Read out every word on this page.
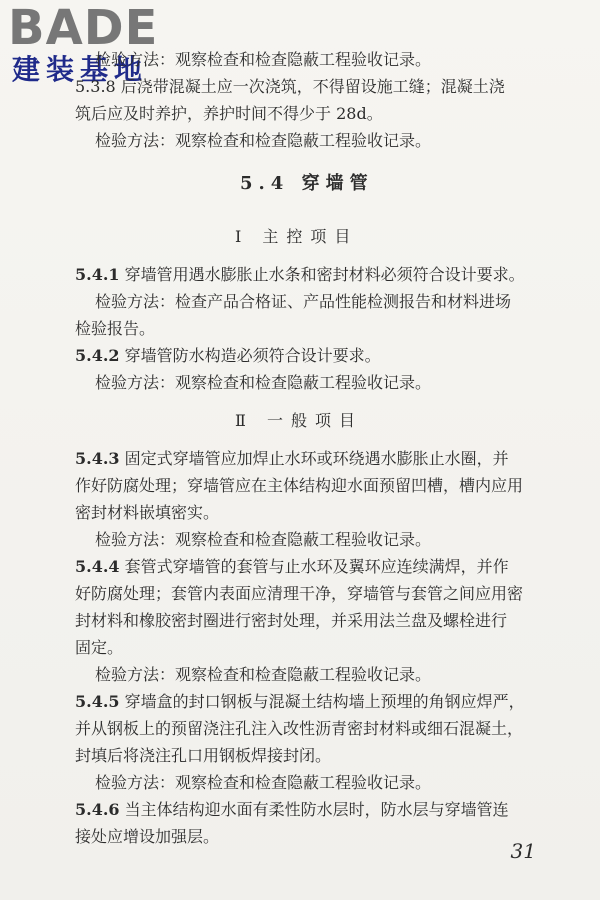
BADE
建装基地
检验方法：观察检查和检查隐蔽工程验收记录。
5.3.8 后浇带混凝土应一次浇筑，不得留设施工缝；混凝土浇
筑后应及时养护，养护时间不得少于 28d。
检验方法：观察检查和检查隐蔽工程验收记录。
5.4 穿墙管
Ⅰ 主控项目
5.4.1 穿墙管用遇水膨胀止水条和密封材料必须符合设计要求。
检验方法：检查产品合格证、产品性能检测报告和材料进场
检验报告。
5.4.2 穿墙管防水构造必须符合设计要求。
检验方法：观察检查和检查隐蔽工程验收记录。
Ⅱ 一般项目
5.4.3 固定式穿墙管应加焊止水环或环绕遇水膨胀止水圈，并
作好防腐处理；穿墙管应在主体结构迎水面预留凹槽，槽内应用
密封材料嵌填密实。
检验方法：观察检查和检查隐蔽工程验收记录。
5.4.4 套管式穿墙管的套管与止水环及翼环应连续满焊，并作
好防腐处理；套管内表面应清理干净，穿墙管与套管之间应用密
封材料和橡胶密封圈进行密封处理，并采用法兰盘及螺栓进行
固定。
检验方法：观察检查和检查隐蔽工程验收记录。
5.4.5 穿墙盒的封口钢板与混凝土结构墙上预埋的角钢应焊严，
并从钢板上的预留浇注孔注入改性沥青密封材料或细石混凝土，
封填后将浇注孔口用钢板焊接封闭。
检验方法：观察检查和检查隐蔽工程验收记录。
5.4.6 当主体结构迎水面有柔性防水层时，防水层与穿墙管连
接处应增设加强层。
31
